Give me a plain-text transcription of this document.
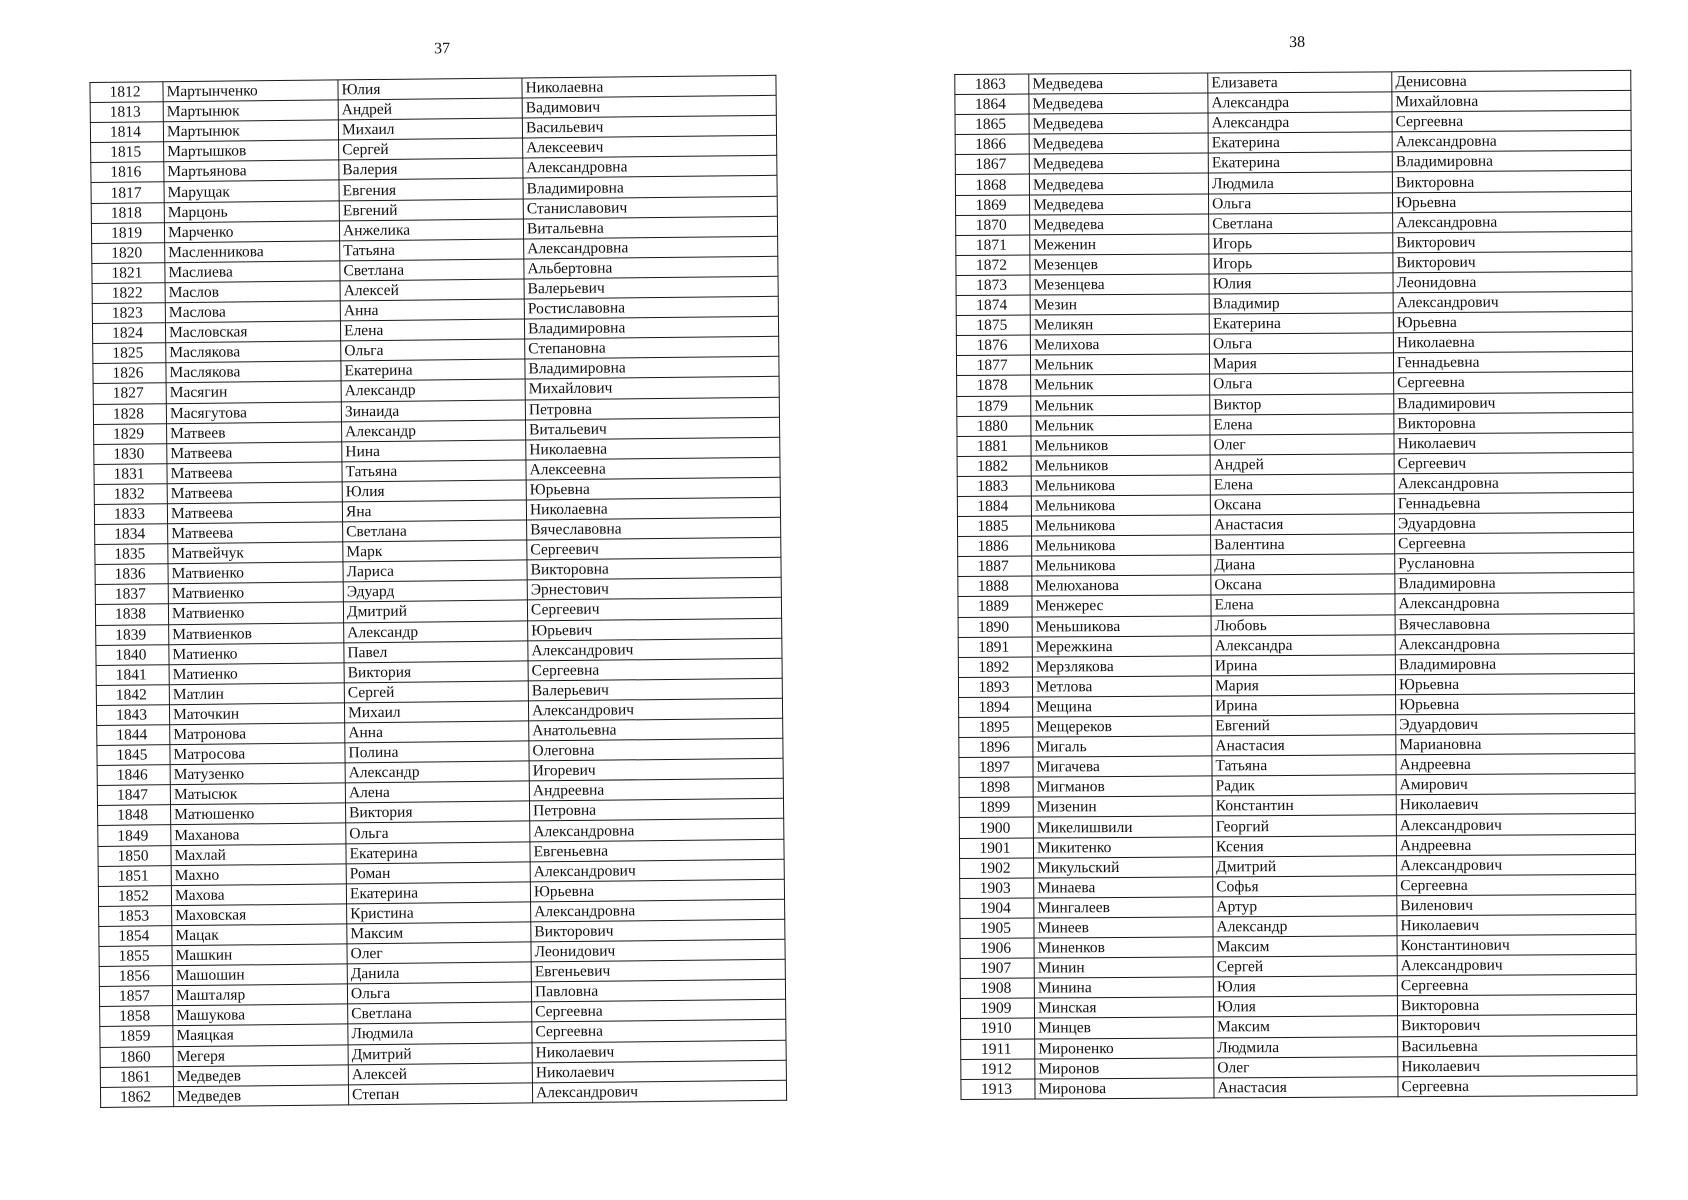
37
1812	Мартынченко	Юлия	Николаевна
1813	Мартынюк	Андрей	Вадимович
1814	Мартынюк	Михаил	Васильевич
1815	Мартышков	Сергей	Алексеевич
1816	Мартьянова	Валерия	Александровна
1817	Марущак	Евгения	Владимировна
1818	Марцонь	Евгений	Станиславович
1819	Марченко	Анжелика	Витальевна
1820	Масленникова	Татьяна	Александровна
1821	Маслиева	Светлана	Альбертовна
1822	Маслов	Алексей	Валерьевич
1823	Маслова	Анна	Ростиславовна
1824	Масловская	Елена	Владимировна
1825	Маслякова	Ольга	Степановна
1826	Маслякова	Екатерина	Владимировна
1827	Масягин	Александр	Михайлович
1828	Масягутова	Зинаида	Петровна
1829	Матвеев	Александр	Витальевич
1830	Матвеева	Нина	Николаевна
1831	Матвеева	Татьяна	Алексеевна
1832	Матвеева	Юлия	Юрьевна
1833	Матвеева	Яна	Николаевна
1834	Матвеева	Светлана	Вячеславовна
1835	Матвейчук	Марк	Сергеевич
1836	Матвиенко	Лариса	Викторовна
1837	Матвиенко	Эдуард	Эрнестович
1838	Матвиенко	Дмитрий	Сергеевич
1839	Матвиенков	Александр	Юрьевич
1840	Матиенко	Павел	Александрович
1841	Матиенко	Виктория	Сергеевна
1842	Матлин	Сергей	Валерьевич
1843	Маточкин	Михаил	Александрович
1844	Матронова	Анна	Анатольевна
1845	Матросова	Полина	Олеговна
1846	Матузенко	Александр	Игоревич
1847	Матысюк	Алена	Андреевна
1848	Матюшенко	Виктория	Петровна
1849	Маханова	Ольга	Александровна
1850	Махлай	Екатерина	Евгеньевна
1851	Махно	Роман	Александрович
1852	Махова	Екатерина	Юрьевна
1853	Маховская	Кристина	Александровна
1854	Мацак	Максим	Викторович
1855	Машкин	Олег	Леонидович
1856	Машошин	Данила	Евгеньевич
1857	Машталяр	Ольга	Павловна
1858	Машукова	Светлана	Сергеевна
1859	Маяцкая	Людмила	Сергеевна
1860	Мегеря	Дмитрий	Николаевич
1861	Медведев	Алексей	Николаевич
1862	Медведев	Степан	Александрович
38
1863	Медведева	Елизавета	Денисовна
1864	Медведева	Александра	Михайловна
1865	Медведева	Александра	Сергеевна
1866	Медведева	Екатерина	Александровна
1867	Медведева	Екатерина	Владимировна
1868	Медведева	Людмила	Викторовна
1869	Медведева	Ольга	Юрьевна
1870	Медведева	Светлана	Александровна
1871	Меженин	Игорь	Викторович
1872	Мезенцев	Игорь	Викторович
1873	Мезенцева	Юлия	Леонидовна
1874	Мезин	Владимир	Александрович
1875	Меликян	Екатерина	Юрьевна
1876	Мелихова	Ольга	Николаевна
1877	Мельник	Мария	Геннадьевна
1878	Мельник	Ольга	Сергеевна
1879	Мельник	Виктор	Владимирович
1880	Мельник	Елена	Викторовна
1881	Мельников	Олег	Николаевич
1882	Мельников	Андрей	Сергеевич
1883	Мельникова	Елена	Александровна
1884	Мельникова	Оксана	Геннадьевна
1885	Мельникова	Анастасия	Эдуардовна
1886	Мельникова	Валентина	Сергеевна
1887	Мельникова	Диана	Руслановна
1888	Мелюханова	Оксана	Владимировна
1889	Менжерес	Елена	Александровна
1890	Меньшикова	Любовь	Вячеславовна
1891	Мережкина	Александра	Александровна
1892	Мерзлякова	Ирина	Владимировна
1893	Метлова	Мария	Юрьевна
1894	Мещина	Ирина	Юрьевна
1895	Мещереков	Евгений	Эдуардович
1896	Мигаль	Анастасия	Мариановна
1897	Мигачева	Татьяна	Андреевна
1898	Мигманов	Радик	Амирович
1899	Мизенин	Константин	Николаевич
1900	Микелишвили	Георгий	Александрович
1901	Микитенко	Ксения	Андреевна
1902	Микульский	Дмитрий	Александрович
1903	Минаева	Софья	Сергеевна
1904	Мингалеев	Артур	Виленович
1905	Минеев	Александр	Николаевич
1906	Миненков	Максим	Константинович
1907	Минин	Сергей	Александрович
1908	Минина	Юлия	Сергеевна
1909	Минская	Юлия	Викторовна
1910	Минцев	Максим	Викторович
1911	Мироненко	Людмила	Васильевна
1912	Миронов	Олег	Николаевич
1913	Миронова	Анастасия	Сергеевна
